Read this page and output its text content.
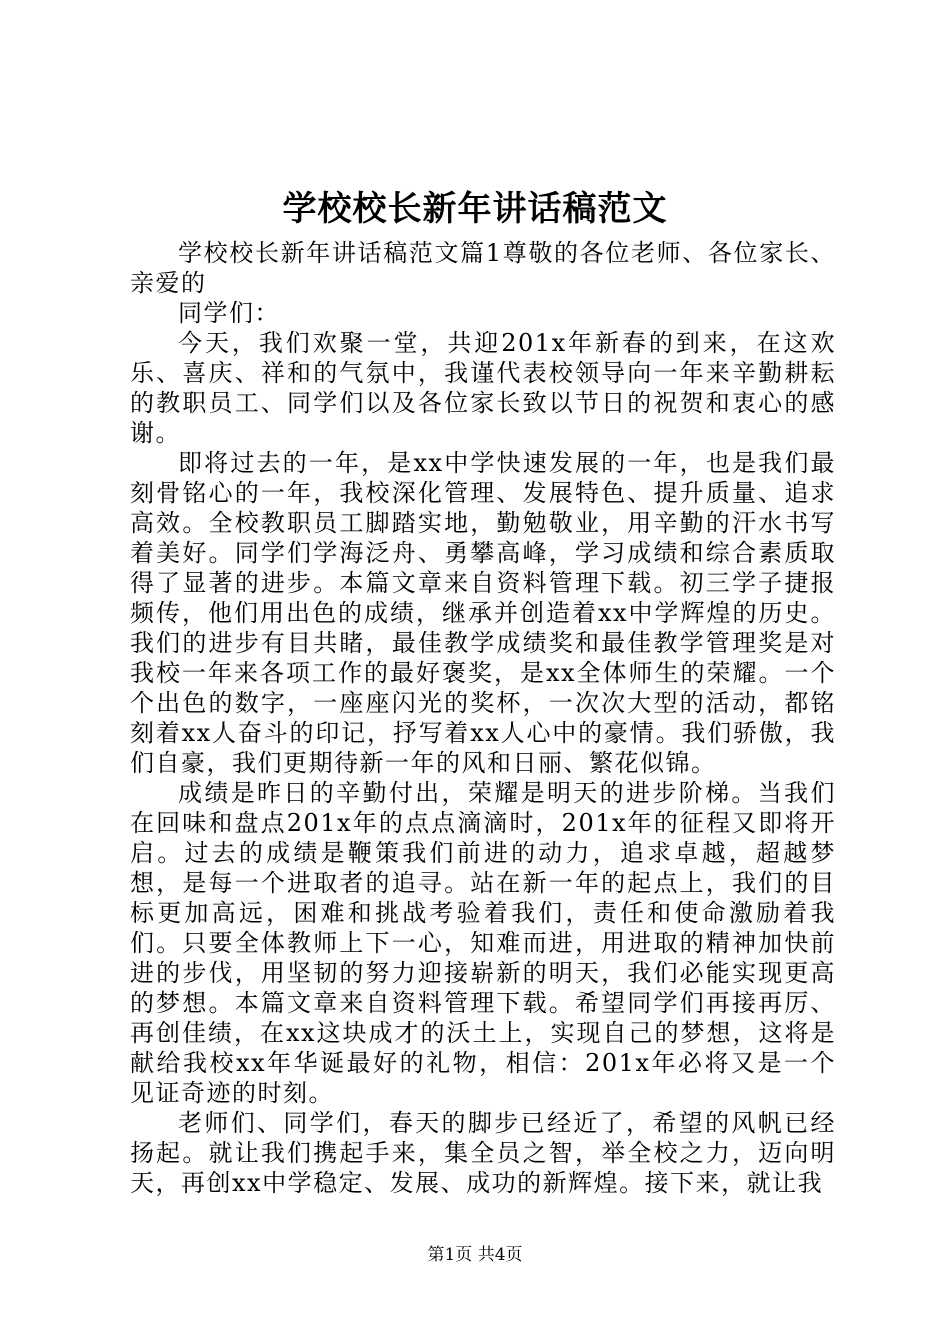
学校校长新年讲话稿范文

学校校长新年讲话稿范文篇1尊敬的各位老师、各位家长、亲爱的

同学们：

今天，我们欢聚一堂，共迎201x年新春的到来，在这欢乐、喜庆、祥和的气氛中，我谨代表校领导向一年来辛勤耕耘的教职员工、同学们以及各位家长致以节日的祝贺和衷心的感谢。

即将过去的一年，是xx中学快速发展的一年，也是我们最刻骨铭心的一年，我校深化管理、发展特色、提升质量、追求高效。全校教职员工脚踏实地，勤勉敬业，用辛勤的汗水书写着美好。同学们学海泛舟、勇攀高峰，学习成绩和综合素质取得了显著的进步。本篇文章来自资料管理下载。初三学子捷报频传，他们用出色的成绩，继承并创造着xx中学辉煌的历史。我们的进步有目共睹，最佳教学成绩奖和最佳教学管理奖是对我校一年来各项工作的最好褒奖，是xx全体师生的荣耀。一个个出色的数字，一座座闪光的奖杯，一次次大型的活动，都铭刻着xx人奋斗的印记，抒写着xx人心中的豪情。我们骄傲，我们自豪，我们更期待新一年的风和日丽、繁花似锦。

成绩是昨日的辛勤付出，荣耀是明天的进步阶梯。当我们在回味和盘点201x年的点点滴滴时，201x年的征程又即将开启。过去的成绩是鞭策我们前进的动力，追求卓越，超越梦想，是每一个进取者的追寻。站在新一年的起点上，我们的目标更加高远，困难和挑战考验着我们，责任和使命激励着我们。只要全体教师上下一心，知难而进，用进取的精神加快前进的步伐，用坚韧的努力迎接崭新的明天，我们必能实现更高的梦想。本篇文章来自资料管理下载。希望同学们再接再厉、再创佳绩，在xx这块成才的沃土上，实现自己的梦想，这将是献给我校xx年华诞最好的礼物，相信：201x年必将又是一个见证奇迹的时刻。

老师们、同学们，春天的脚步已经近了，希望的风帆已经扬起。就让我们携起手来，集全员之智，举全校之力，迈向明天，再创xx中学稳定、发展、成功的新辉煌。接下来，就让我

第1页 共4页
